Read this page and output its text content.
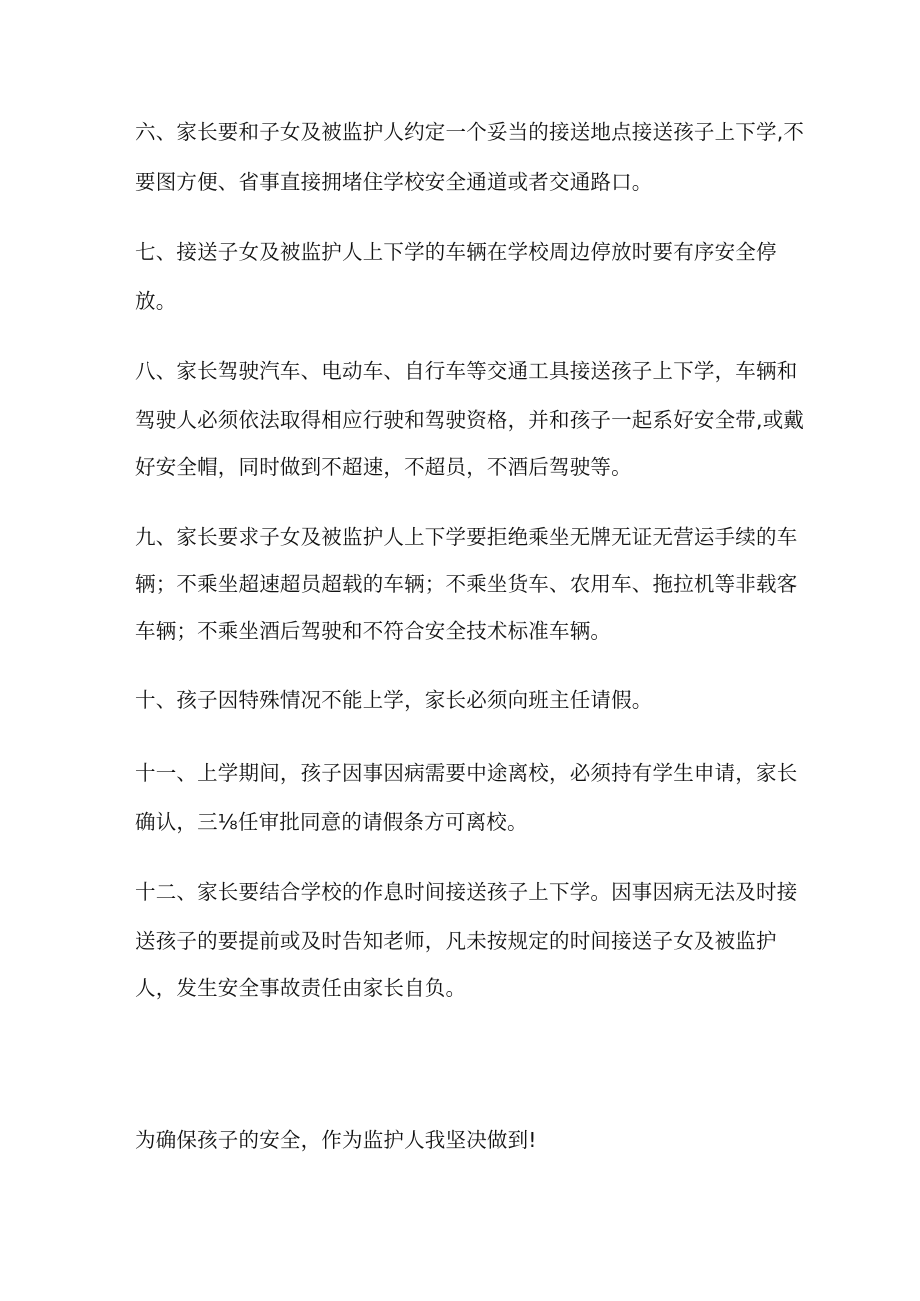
六、家长要和子女及被监护人约定一个妥当的接送地点接送孩子上下学,不
要图方便、省事直接拥堵住学校安全通道或者交通路口。
七、接送子女及被监护人上下学的车辆在学校周边停放时要有序安全停
放。
八、家长驾驶汽车、电动车、自行车等交通工具接送孩子上下学，车辆和
驾驶人必须依法取得相应行驶和驾驶资格，并和孩子一起系好安全带,或戴
好安全帽，同时做到不超速，不超员，不酒后驾驶等。
九、家长要求子女及被监护人上下学要拒绝乘坐无牌无证无营运手续的车
辆；不乘坐超速超员超载的车辆；不乘坐货车、农用车、拖拉机等非载客
车辆；不乘坐酒后驾驶和不符合安全技术标准车辆。
十、孩子因特殊情况不能上学，家长必须向班主任请假。
十一、上学期间，孩子因事因病需要中途离校，必须持有学生申请，家长
确认，三⅛任审批同意的请假条方可离校。
十二、家长要结合学校的作息时间接送孩子上下学。因事因病无法及时接
送孩子的要提前或及时告知老师，凡未按规定的时间接送子女及被监护
人，发生安全事故责任由家长自负。
为确保孩子的安全，作为监护人我坚决做到!
